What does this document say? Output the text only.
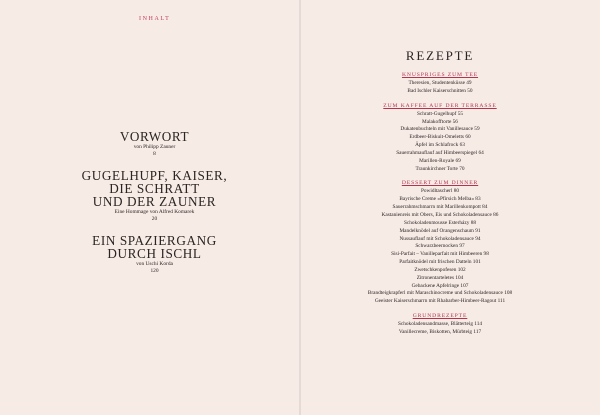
INHALT
VORWORT
von Philipp Zauner
8
GUGELHUPF, KAISER,
DIE SCHRATT
UND DER ZAUNER
Eine Hommage von Alfred Komarek
20
EIN SPAZIERGANG
DURCH ISCHL
von Uschi Korda
120
REZEPTE
KNUSPRIGES ZUM TEE
Theresien, Studentenküsse 49
Bad Ischler Kaiserschnitten 50
ZUM KAFFEE AUF DER TERRASSE
Schratt-Gugelhupf 55
Malakofftorte 56
Dukatenbuchteln mit Vanillesauce 59
Erdbeer-Biskuit-Omeletts 60
Äpfel im Schlafrock 63
Sauerrahmauflauf auf Himbeerspiegel 64
Marillen-Royale 69
Traunkirchner Torte 70
DESSERT ZUM DINNER
Powidltascherl 80
Bayrische Creme »Pfirsich Melba« 83
Sauerrahmschmarrn mit Marillenkompott 84
Kastanienreis mit Obers, Eis und Schokoladensauce 86
Schokoladenmousse Esterházy 88
Mandelknödel auf Orangenschaum 91
Nussauflauf mit Schokoladensauce 94
Schwarzbeernocken 97
Sisi-Parfait – Vanilleparfait mit Himbeeren 98
Parfaitknödel mit frischen Datteln 101
Zwetschkenpofesen 102
Zitronentarteletes 104
Gebackene Apfelringe 107
Brandteigkrapferl mit Maraschinocreme und Schokoladensauce 108
Geeister Kaiserschmarrn mit Rhabarber-Himbeer-Ragout 111
GRUNDREZEPTE
Schokoladensandmasse, Blätterteig 114
Vanillecreme, Biskotten, Mürbteig 117
